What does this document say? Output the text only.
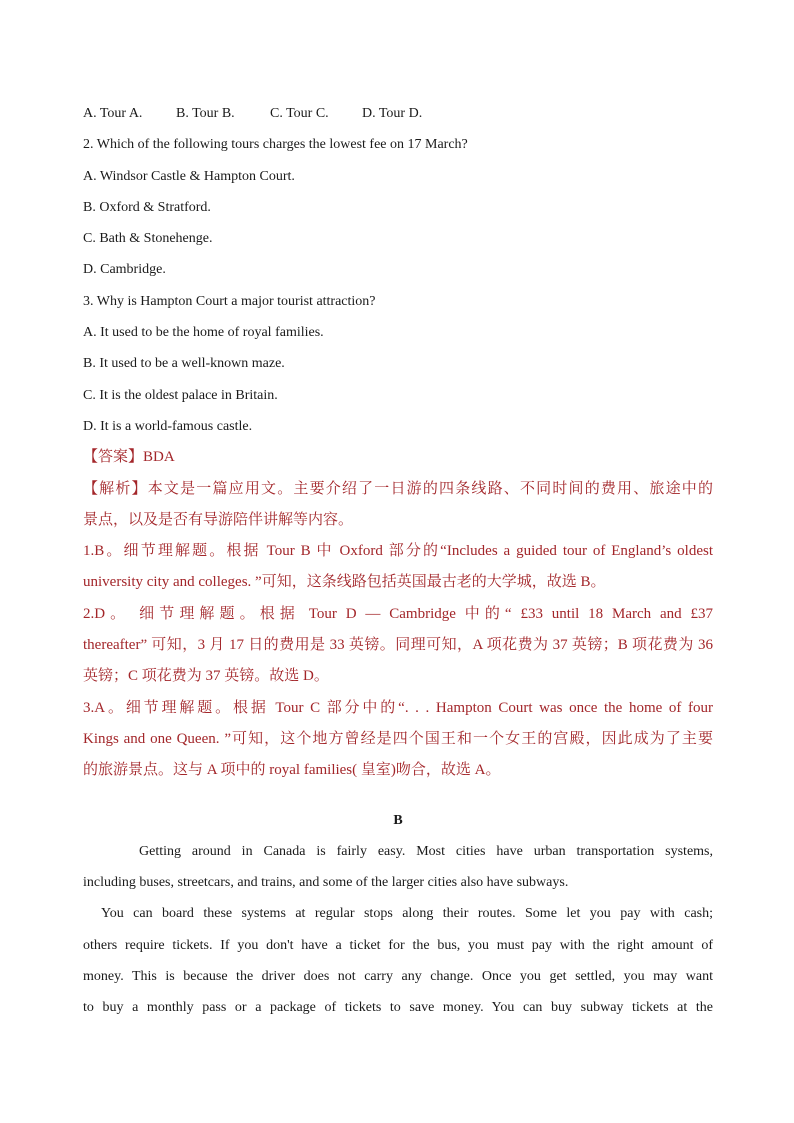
A. Tour A. B. Tour B.	C. Tour C. D. Tour D.
2. Which of the following tours charges the lowest fee on 17 March?
A. Windsor Castle & Hampton Court.
B. Oxford & Stratford.
C. Bath & Stonehenge.
D. Cambridge.
3. Why is Hampton Court a major tourist attraction?
A. It used to be the home of royal families.
B. It used to be a well-known maze.
C. It is the oldest palace in Britain.
D. It is a world-famous castle.
【答案】BDA
【解析】本文是一篇应用文。主要介绍了一日游的四条线路、不同时间的费用、旅途中的
景点，以及是否有导游陪伴讲解等内容。
1.B。细节理解题。根据 Tour B 中 Oxford 部分的“Includes a guided tour of England’s oldest
university city and colleges. ”可知，这条线路包括英国最古老的大学城，故选 B。
2.D。 细节理解题。根据 Tour D — Cambridge 中的“ £33 until 18 March and £37
thereafter” 可知，3 月 17 日的费用是 33 英镑。同理可知，A 项花费为 37 英镑；B 项花费为 36
英镑；C 项花费为 37 英镑。故选 D。
3.A。细节理解题。根据 Tour C 部分中的“. . . Hampton Court was once the home of four
Kings and one Queen. ”可知，这个地方曾经是四个国王和一个女王的宫殿，因此成为了主要
的旅游景点。这与 A 项中的 royal families( 皇室)吻合，故选 A。
B
Getting around in Canada is fairly easy. Most cities have urban transportation systems,
including buses, streetcars, and trains, and some of the larger cities also have subways.
You can board these systems at regular stops along their routes. Some let you pay with cash;
others require tickets. If you don't have a ticket for the bus, you must pay with the right amount of
money. This is because the driver does not carry any change. Once you get settled, you may want
to buy a monthly pass or a package of tickets to save money. You can buy subway tickets at the
